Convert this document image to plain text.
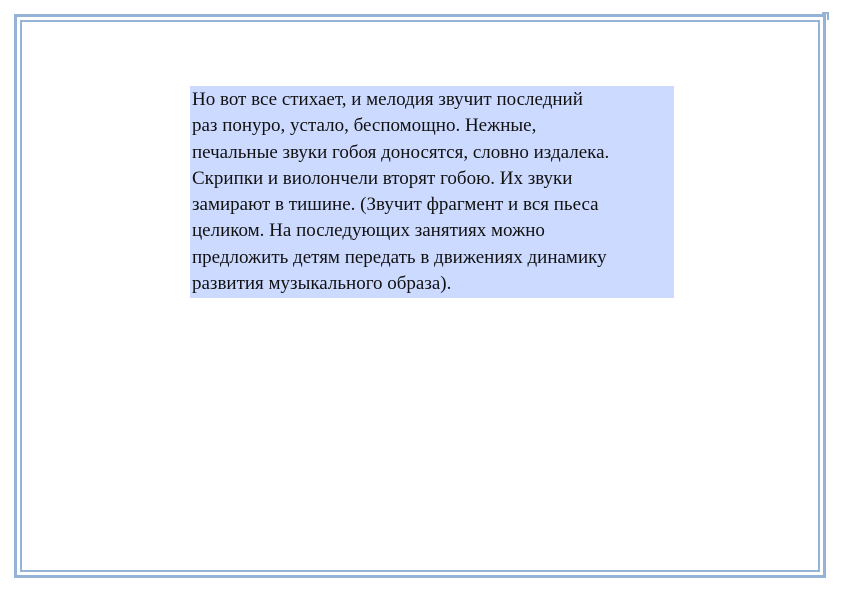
Но вот все стихает, и мелодия звучит последний

раз понуро, устало, беспомощно. Нежные,

печальные звуки гобоя доносятся, словно издалека.

Скрипки и виолончели вторят гобою. Их звуки

замирают в тишине. (Звучит фрагмент и вся пьеса

целиком. На последующих занятиях можно

предложить детям передать в движениях динамику

развития музыкального образа).
